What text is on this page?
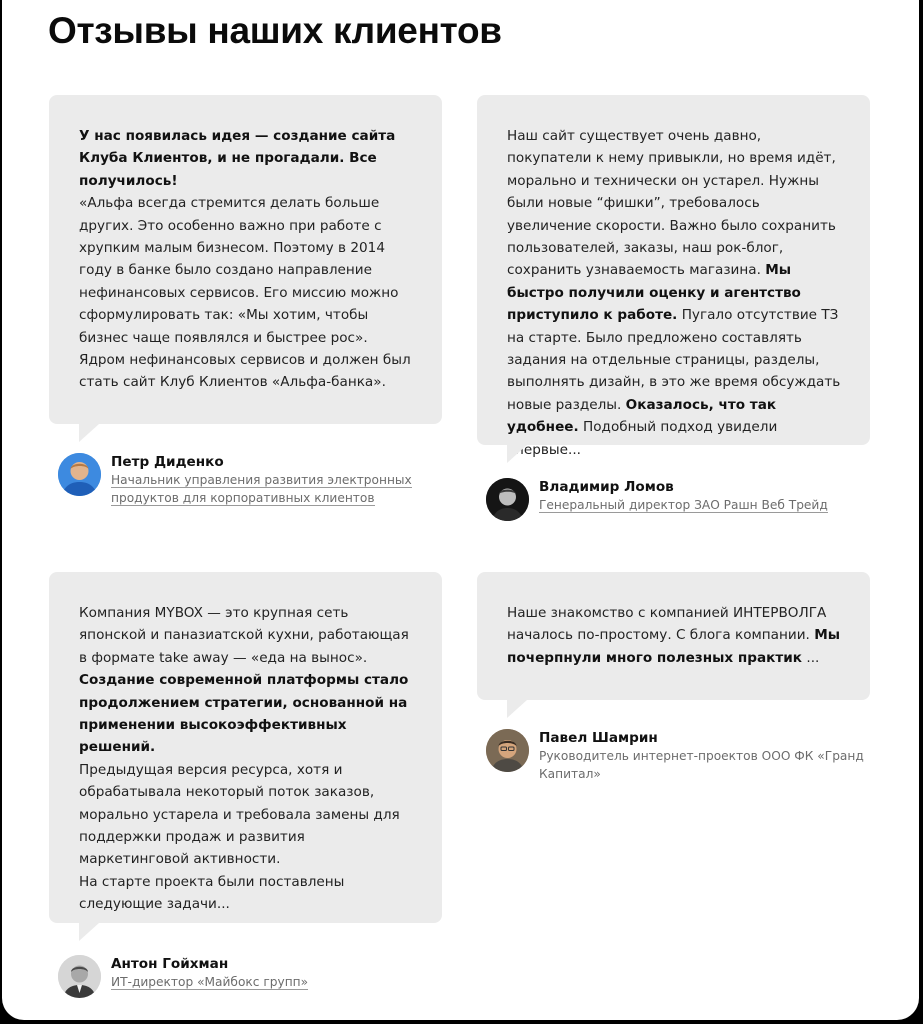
Отзывы наших клиентов

У нас появилась идея — создание сайта Клуба Клиентов, и не прогадали. Все получилось!

«Альфа всегда стремится делать больше других. Это особенно важно при работе с хрупким малым бизнесом. Поэтому в 2014 году в банке было создано направление нефинансовых сервисов. Его миссию можно сформулировать так: «Мы хотим, чтобы бизнес чаще появлялся и быстрее рос». Ядром нефинансовых сервисов и должен был стать сайт Клуб Клиентов «Альфа-банка».

Петр Диденко
Начальник управления развития электронных продуктов для корпоративных клиентов

Наш сайт существует очень давно, покупатели к нему привыкли, но время идёт, морально и технически он устарел. Нужны были новые “фишки”, требовалось увеличение скорости. Важно было сохранить пользователей, заказы, наш рок-блог, сохранить узнаваемость магазина. Мы быстро получили оценку и агентство приступило к работе. Пугало отсутствие ТЗ на старте. Было предложено составлять задания на отдельные страницы, разделы, выполнять дизайн, в это же время обсуждать новые разделы. Оказалось, что так удобнее. Подобный подход увидели впервые...

Владимир Ломов
Генеральный директор ЗАО Рашн Веб Трейд

Компания MYBOX — это крупная сеть японской и паназиатской кухни, работающая в формате take away — «еда на вынос».

Создание современной платформы стало продолжением стратегии, основанной на применении высокоэффективных решений.

Предыдущая версия ресурса, хотя и обрабатывала некоторый поток заказов, морально устарела и требовала замены для поддержки продаж и развития маркетинговой активности.

На старте проекта были поставлены следующие задачи...

Антон Гойхман
ИТ-директор «Майбокс групп»

Наше знакомство с компанией ИНТЕРВОЛГА началось по-простому. С блога компании. Мы почерпнули много полезных практик ...

Павел Шамрин
Руководитель интернет-проектов ООО ФК «Гранд Капитал»
